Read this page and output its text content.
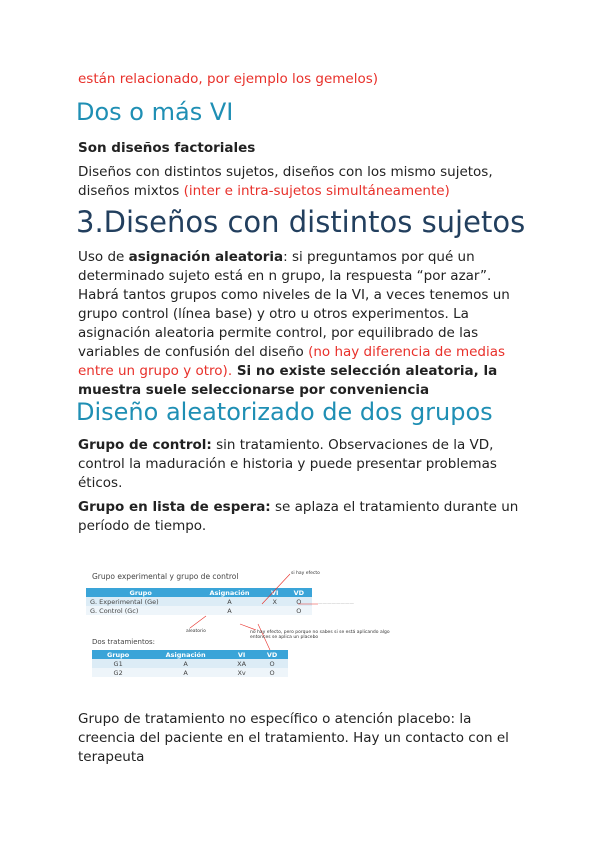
están relacionado, por ejemplo los gemelos)

Dos o más VI

Son diseños factoriales

Diseños con distintos sujetos, diseños con los mismo sujetos, diseños mixtos (inter e intra-sujetos simultáneamente)

3.Diseños con distintos sujetos

Uso de asignación aleatoria: si preguntamos por qué un determinado sujeto está en n grupo, la respuesta “por azar”. Habrá tantos grupos como niveles de la VI, a veces tenemos un grupo control (línea base) y otro u otros experimentos. La asignación aleatoria permite control, por equilibrado de las variables de confusión del diseño (no hay diferencia de medias entre un grupo y otro). Si no existe selección aleatoria, la muestra suele seleccionarse por conveniencia

Diseño aleatorizado de dos grupos

Grupo de control: sin tratamiento. Observaciones de la VD, control la maduración e historia y puede presentar problemas éticos.

Grupo en lista de espera: se aplaza el tratamiento durante un período de tiempo.

Grupo experimental y grupo de control
Grupo	Asignación	VI	VD
G. Experimental (Ge)	A	X	O
G. Control (Gc)	A		O
Dos tratamientos:
Grupo	Asignación	VI	VD
G1	A	XA	O
G2	A	Xv	O
si hay efecto
————————
aleatorio	no hay efecto, pero porque no sabes si se está aplicando algo entonces se aplica un placebo

Grupo de tratamiento no específico o atención placebo: la creencia del paciente en el tratamiento. Hay un contacto con el terapeuta
